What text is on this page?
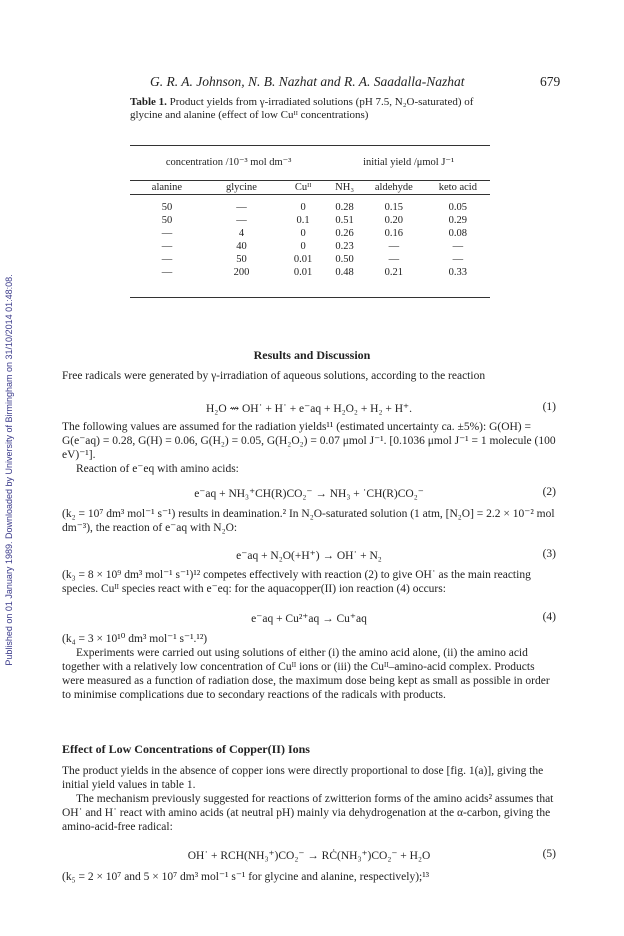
Published on 01 January 1989. Downloaded by University of Birmingham on 31/10/2014 01:48:08.
G. R. A. Johnson, N. B. Nazhat and R. A. Saadalla-Nazhat	679
Table 1. Product yields from γ-irradiated solutions (pH 7.5, N₂O-saturated) of glycine and alanine (effect of low Cuᴵᴵ concentrations)
concentration /10⁻³ mol dm⁻³			initial yield /μmol J⁻¹		

alanine	glycine	Cuᴵᴵ	NH₃	aldehyde	keto acid

50	—	0	0.28	0.15	0.05
50	—	0.1	0.51	0.20	0.29
—	4	0	0.26	0.16	0.08
—	40	0	0.23	—	—
—	50	0.01	0.50	—	—
—	200	0.01	0.48	0.21	0.33
Results and Discussion

Free radicals were generated by γ-irradiation of aqueous solutions, according to the reaction

H₂O ⇝ OH˙ + H˙ + e⁻aq + H₂O₂ + H₂ + H⁺.	(1)

The following values are assumed for the radiation yields¹¹ (estimated uncertainty ca. ±5%): G(OH) = G(e⁻aq) = 0.28, G(H) = 0.06, G(H₂) = 0.05, G(H₂O₂) = 0.07 μmol J⁻¹. [0.1036 μmol J⁻¹ = 1 molecule (100 eV)⁻¹].

Reaction of e⁻eq with amino acids:

e⁻aq + NH₃⁺CH(R)CO₂⁻ → NH₃ + ˙CH(R)CO₂⁻	(2)

(k₂ = 10⁷ dm³ mol⁻¹ s⁻¹) results in deamination.² In N₂O-saturated solution (1 atm, [N₂O] = 2.2 × 10⁻² mol dm⁻³), the reaction of e⁻aq with N₂O:

e⁻aq + N₂O(+H⁺) → OH˙ + N₂	(3)

(k₃ = 8 × 10⁹ dm³ mol⁻¹ s⁻¹)¹² competes effectively with reaction (2) to give OH˙ as the main reacting species. Cuᴵᴵ species react with e⁻eq: for the aquacopper(II) ion reaction (4) occurs:

e⁻aq + Cu²⁺aq → Cu⁺aq	(4)

(k₄ = 3 × 10¹⁰ dm³ mol⁻¹ s⁻¹.¹²)

Experiments were carried out using solutions of either (i) the amino acid alone, (ii) the amino acid together with a relatively low concentration of Cuᴵᴵ ions or (iii) the Cuᴵᴵ–amino-acid complex. Products were measured as a function of radiation dose, the maximum dose being kept as small as possible in order to minimise complications due to secondary reactions of the radicals with products.

Effect of Low Concentrations of Copper(II) Ions

The product yields in the absence of copper ions were directly proportional to dose [fig. 1(a)], giving the initial yield values in table 1.

The mechanism previously suggested for reactions of zwitterion forms of the amino acids² assumes that OH˙ and H˙ react with amino acids (at neutral pH) mainly via dehydrogenation at the α-carbon, giving the amino-acid-free radical:

OH˙ + RCH(NH₃⁺)CO₂⁻ → RĊ(NH₃⁺)CO₂⁻ + H₂O	(5)

(k₅ = 2 × 10⁷ and 5 × 10⁷ dm³ mol⁻¹ s⁻¹ for glycine and alanine, respectively);¹³
